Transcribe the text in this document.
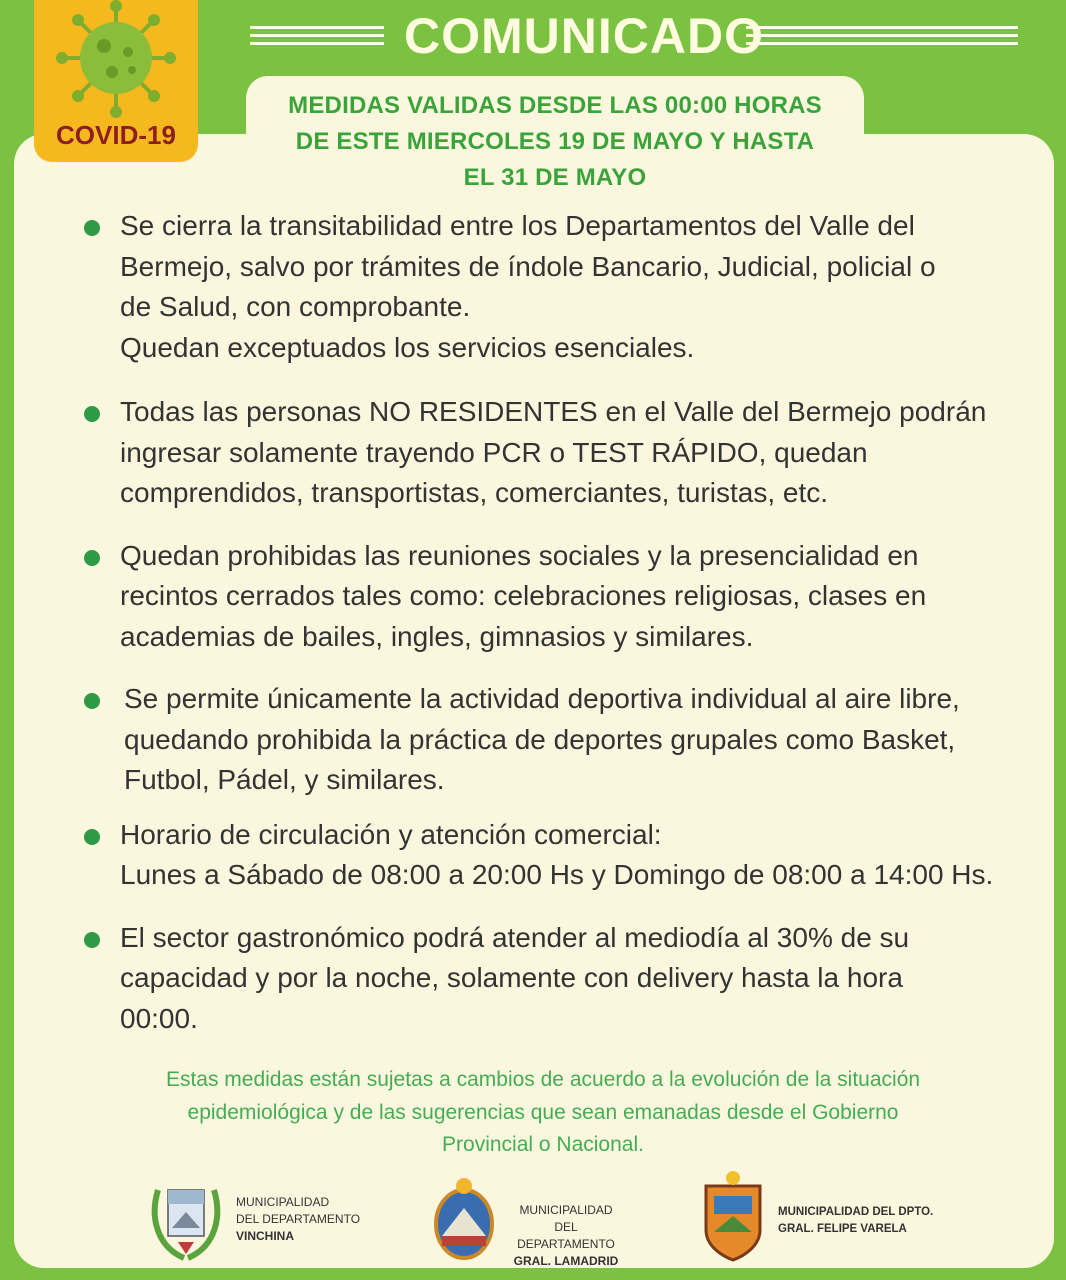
COVID-19
COMUNICADO
MEDIDAS VALIDAS DESDE LAS 00:00 HORAS
DE ESTE MIERCOLES 19 DE MAYO Y HASTA
EL 31 DE MAYO

Se cierra la transitabilidad entre los Departamentos del Valle del

Bermejo, salvo por trámites de índole Bancario, Judicial, policial o

de Salud, con comprobante.

Quedan exceptuados los servicios esenciales.

Todas las personas NO RESIDENTES en el Valle del Bermejo podrán

ingresar solamente trayendo PCR o TEST RÁPIDO, quedan

comprendidos, transportistas, comerciantes, turistas, etc.

Quedan prohibidas las reuniones sociales y la presencialidad en

recintos cerrados tales como: celebraciones religiosas, clases en

academias de bailes, ingles, gimnasios y similares.

Se permite únicamente la actividad deportiva individual al aire libre,

quedando prohibida la práctica de deportes grupales como Basket,

Futbol, Pádel, y similares.

Horario de circulación y atención comercial:

Lunes a Sábado de 08:00 a 20:00 Hs y Domingo de 08:00 a 14:00 Hs.

El sector gastronómico podrá atender al mediodía al 30% de su

capacidad y por la noche, solamente con delivery hasta la hora

00:00.

Estas medidas están sujetas a cambios de acuerdo a la evolución de la situación
epidemiológica y de las sugerencias que sean emanadas desde el Gobierno
Provincial o Nacional.
MUNICIPALIDAD
DEL DEPARTAMENTO
VINCHINA
MUNICIPALIDAD
DEL DEPARTAMENTO
GRAL. LAMADRID
MUNICIPALIDAD DEL DPTO.
GRAL. FELIPE VARELA
